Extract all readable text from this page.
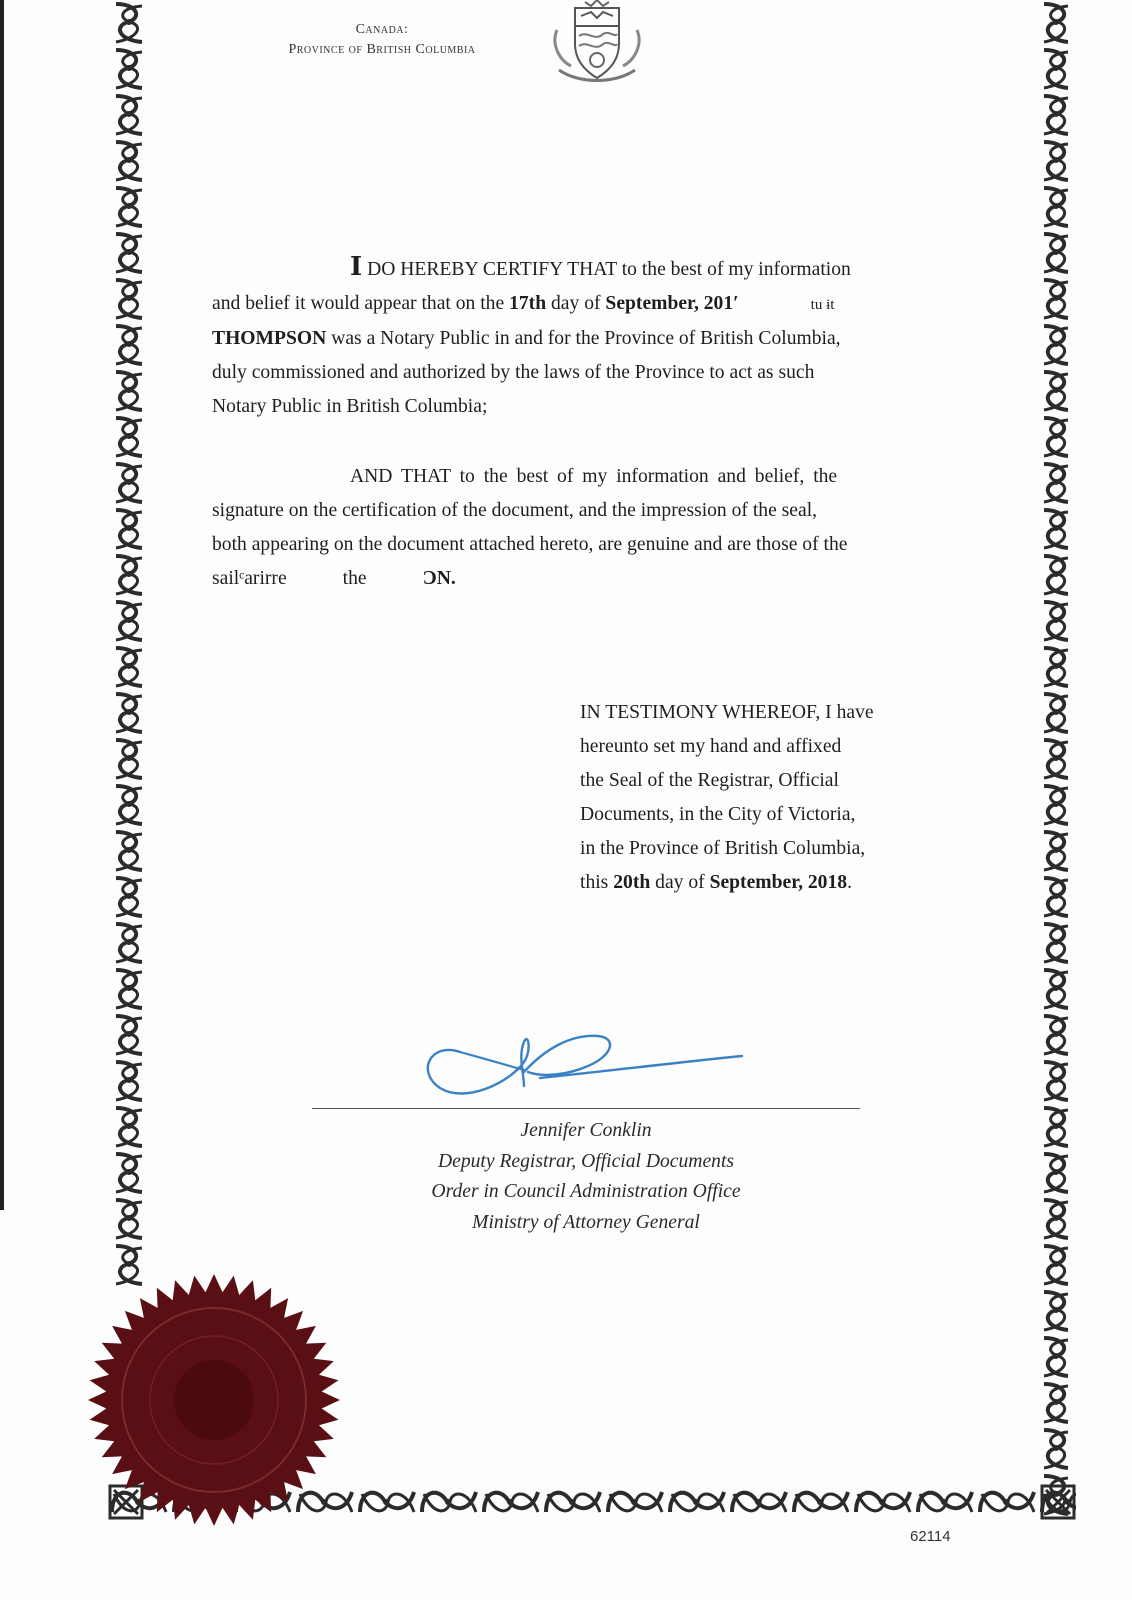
Canada:
Province of British Columbia
I DO HEREBY CERTIFY THAT to the best of my information
and belief it would appear that on the 17th day of September, 201′	tu ɨt
THOMPSON was a Notary Public in and for the Province of British Columbia,
duly commissioned and authorized by the laws of the Province to act as such
Notary Public in British Columbia;
AND THAT to the best of my information and belief, the
signature on the certification of the document, and the impression of the seal,
both appearing on the document attached hereto, are genuine and are those of the
sailᶜarirre	the	ƆN.
IN TESTIMONY WHEREOF, I have
hereunto set my hand and affixed
the Seal of the Registrar, Official
Documents, in the City of Victoria,
in the Province of British Columbia,
this 20th day of September, 2018.
Jennifer Conklin
Deputy Registrar, Official Documents
Order in Council Administration Office
Ministry of Attorney General
62114
